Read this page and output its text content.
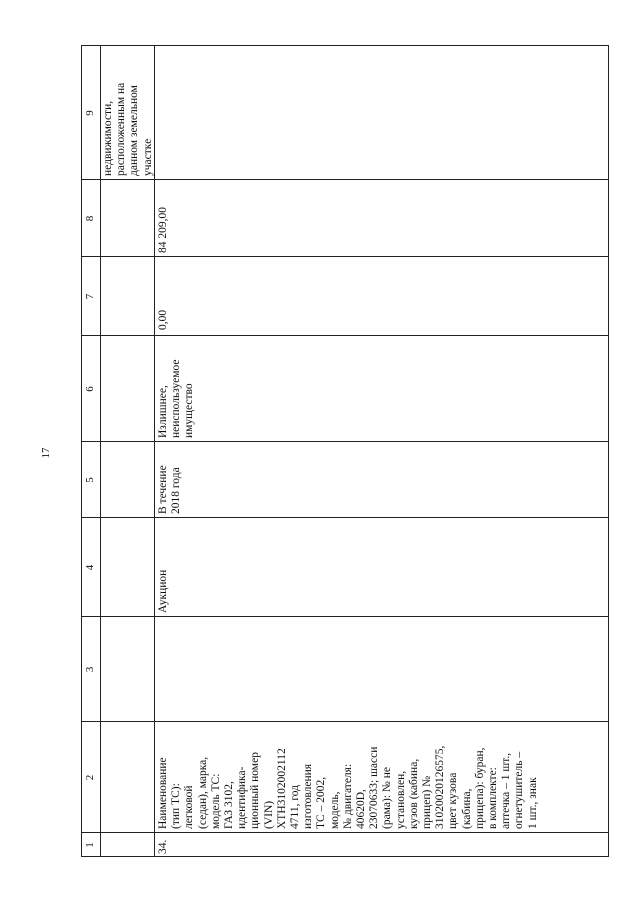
17
1
2
3
4
5
6
7
8
9 недвижимости,
расположенным на
данном земельном
участке
34.
Наименование
(тип ТС):
легковой
(седан), марка,
модель ТС:
ГАЗ 3102,
идентифика-
ционный номер
(VIN)
ХТН3102002112
4711, год
изготовления
ТС – 2002,
модель,
№ двигателя:
40620D,
23070633; шасси
(рама): № не
установлен,
кузов (кабина,
прицеп) №
31020020126575,
цвет кузова
(кабина,
прицепа): буран,
в комплекте:
аптечка – 1 шт.,
огнетушитель –
1 шт., знак
Аукцион
В течение
2018 года
Излишнее,
неиспользуемое
имущество
0,00
84 209,00
